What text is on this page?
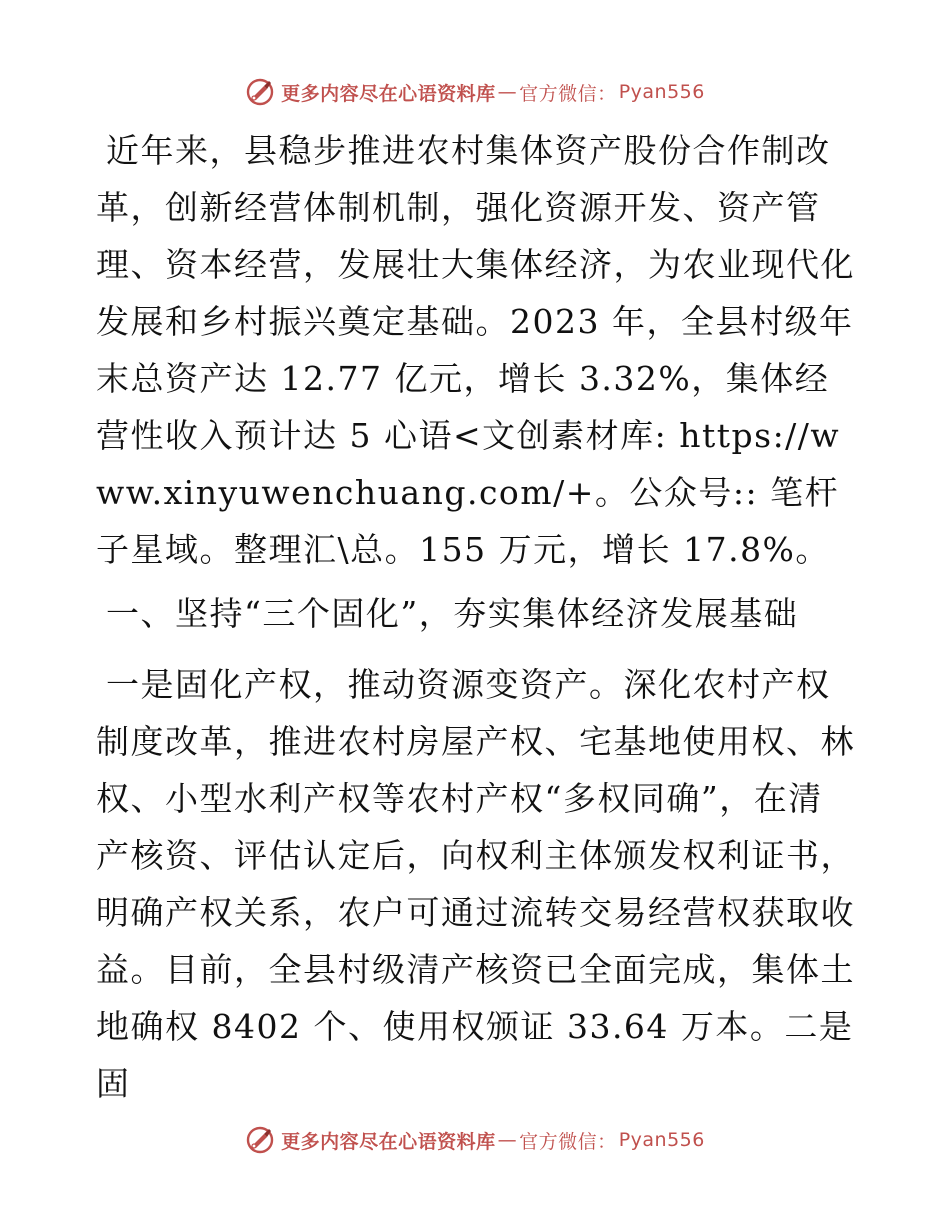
更多内容尽在心语资料库 — 官方微信： Pyan556

近年来，县稳步推进农村集体资产股份合作制改革，创新经营体制机制，强化资源开发、资产管理、资本经营，发展壮大集体经济，为农业现代化发展和乡村振兴奠定基础。2023 年，全县村级年末总资产达 12.77 亿元，增长 3.32%，集体经营性收入预计达 5 心语<文创素材库: https://www.xinyuwenchuang.com/+。公众号:: 笔杆子星域。整理汇\总。155 万元，增长 17.8%。

一、坚持“三个固化”，夯实集体经济发展基础

一是固化产权，推动资源变资产。深化农村产权制度改革，推进农村房屋产权、宅基地使用权、林权、小型水利产权等农村产权“多权同确”，在清产核资、评估认定后，向权利主体颁发权利证书，明确产权关系，农户可通过流转交易经营权获取收益。目前，全县村级清产核资已全面完成，集体土地确权 8402 个、使用权颁证 33.64 万本。二是固

更多内容尽在心语资料库 — 官方微信： Pyan556
